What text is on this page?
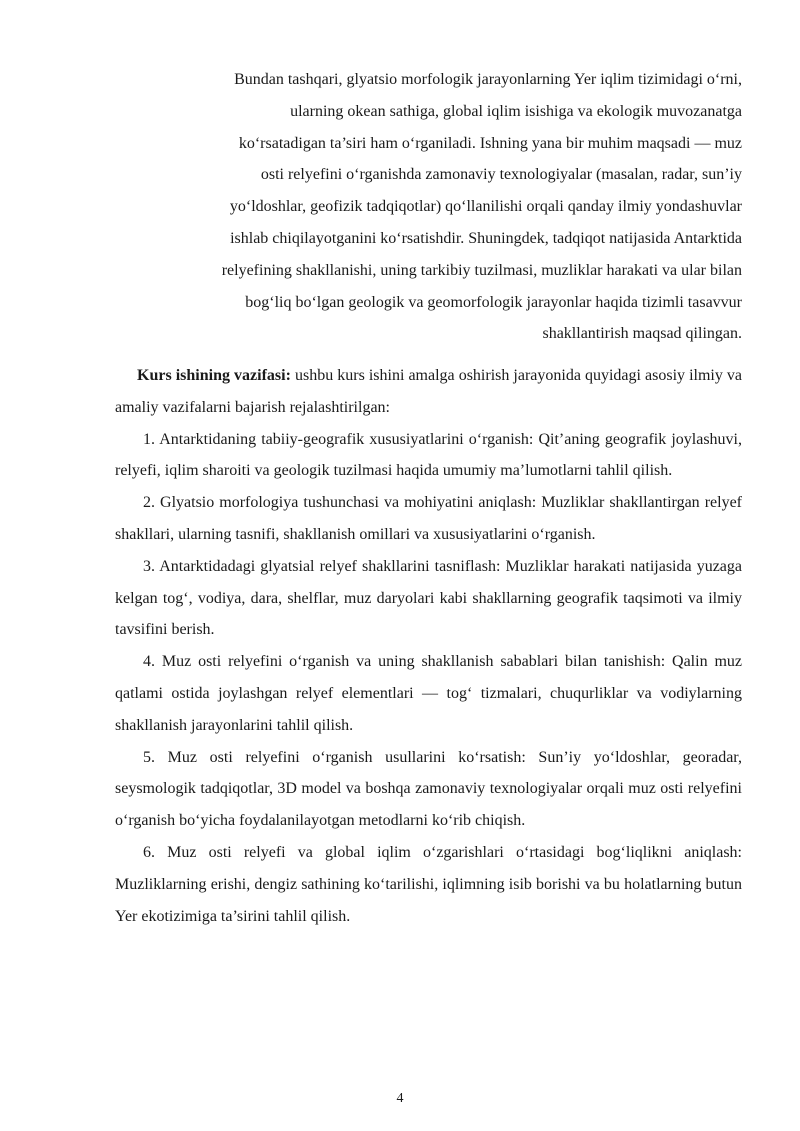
Bundan tashqari, glyatsio morfologik jarayonlarning Yer iqlim tizimidagi o‘rni,
ularning okean sathiga, global iqlim isishiga va ekologik muvozanatga
ko‘rsatadigan ta’siri ham o‘rganiladi. Ishning yana bir muhim maqsadi — muz
osti relyefini o‘rganishda zamonaviy texnologiyalar (masalan, radar, sun’iy
yo‘ldoshlar, geofizik tadqiqotlar) qo‘llanilishi orqali qanday ilmiy yondashuvlar
ishlab chiqilayotganini ko‘rsatishdir. Shuningdek, tadqiqot natijasida Antarktida
relyefining shakllanishi, uning tarkibiy tuzilmasi, muzliklar harakati va ular bilan
bog‘liq bo‘lgan geologik va geomorfologik jarayonlar haqida tizimli tasavvur
shakllantirish maqsad qilingan.

Kurs ishining vazifasi: ushbu kurs ishini amalga oshirish jarayonida quyidagi asosiy ilmiy va amaliy vazifalarni bajarish rejalashtirilgan:

1. Antarktidaning tabiiy-geografik xususiyatlarini o‘rganish: Qit’aning geografik joylashuvi, relyefi, iqlim sharoiti va geologik tuzilmasi haqida umumiy ma’lumotlarni tahlil qilish.

2. Glyatsio morfologiya tushunchasi va mohiyatini aniqlash: Muzliklar shakllantirgan relyef shakllari, ularning tasnifi, shakllanish omillari va xususiyatlarini o‘rganish.

3. Antarktidadagi glyatsial relyef shakllarini tasniflash: Muzliklar harakati natijasida yuzaga kelgan tog‘, vodiya, dara, shelflar, muz daryolari kabi shakllarning geografik taqsimoti va ilmiy tavsifini berish.

4. Muz osti relyefini o‘rganish va uning shakllanish sabablari bilan tanishish: Qalin muz qatlami ostida joylashgan relyef elementlari — tog‘ tizmalari, chuqurliklar va vodiylarning shakllanish jarayonlarini tahlil qilish.

5. Muz osti relyefini o‘rganish usullarini ko‘rsatish: Sun’iy yo‘ldoshlar, georadar, seysmologik tadqiqotlar, 3D model va boshqa zamonaviy texnologiyalar orqali muz osti relyefini o‘rganish bo‘yicha foydalanilayotgan metodlarni ko‘rib chiqish.

6. Muz osti relyefi va global iqlim o‘zgarishlari o‘rtasidagi bog‘liqlikni aniqlash: Muzliklarning erishi, dengiz sathining ko‘tarilishi, iqlimning isib borishi va bu holatlarning butun Yer ekotizimiga ta’sirini tahlil qilish.

4
